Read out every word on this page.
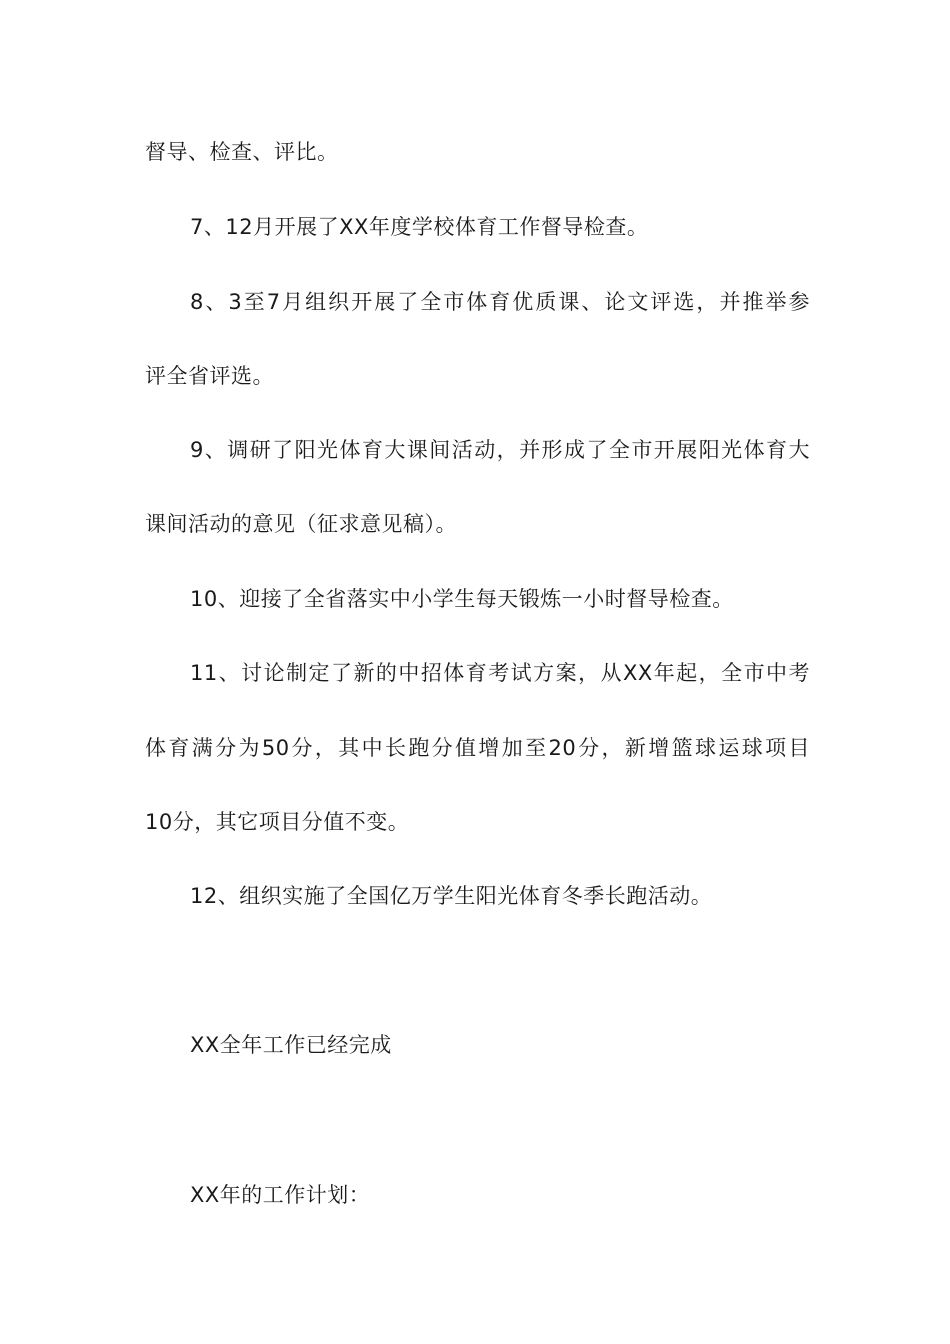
督导、检查、评比。
7、12月开展了XX年度学校体育工作督导检查。
8、3至7月组织开展了全市体育优质课、论文评选，并推举参
评全省评选。
9、调研了阳光体育大课间活动，并形成了全市开展阳光体育大
课间活动的意见（征求意见稿）。
10、迎接了全省落实中小学生每天锻炼一小时督导检查。
11、讨论制定了新的中招体育考试方案，从XX年起，全市中考
体育满分为50分，其中长跑分值增加至20分，新增篮球运球项目
10分，其它项目分值不变。
12、组织实施了全国亿万学生阳光体育冬季长跑活动。
XX全年工作已经完成
XX年的工作计划：
